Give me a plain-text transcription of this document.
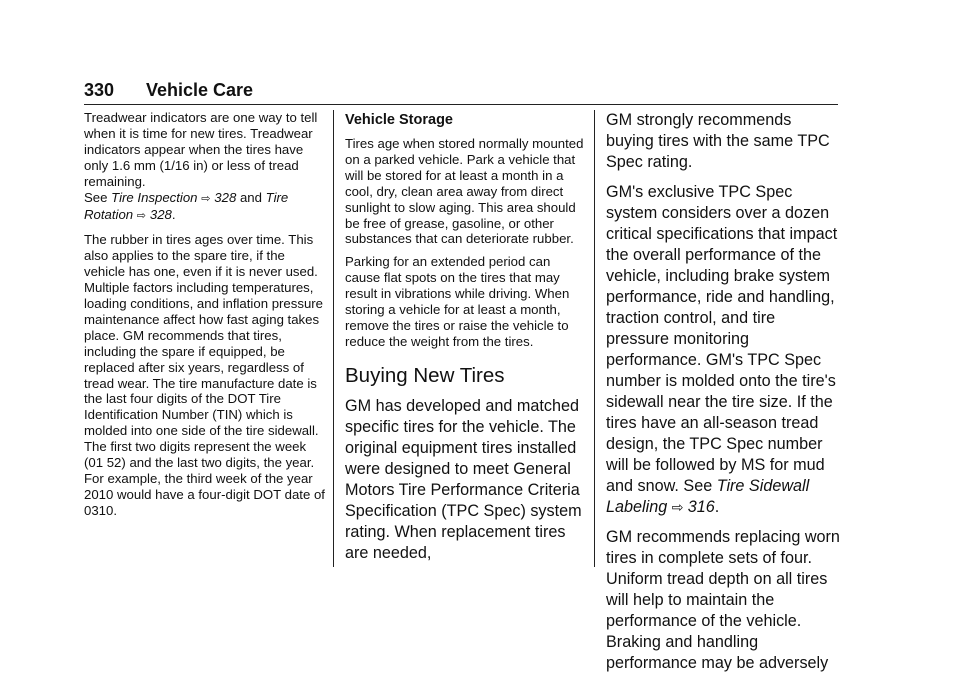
330 Vehicle Care

Treadwear indicators are one way to tell when it is time for new tires. Treadwear indicators appear when the tires have only 1.6 mm (1/16 in) or less of tread remaining.

See Tire Inspection ⇨ 328 and Tire Rotation ⇨ 328.

The rubber in tires ages over time. This also applies to the spare tire, if the vehicle has one, even if it is never used. Multiple factors including temperatures, loading conditions, and inflation pressure maintenance affect how fast aging takes place. GM recommends that tires, including the spare if equipped, be replaced after six years, regardless of tread wear. The tire manufacture date is the last four digits of the DOT Tire Identification Number (TIN) which is molded into one side of the tire sidewall. The first two digits represent the week (01 52) and the last two digits, the year. For example, the third week of the year 2010 would have a four-digit DOT date of 0310.

Vehicle Storage

Tires age when stored normally mounted on a parked vehicle. Park a vehicle that will be stored for at least a month in a cool, dry, clean area away from direct sunlight to slow aging. This area should be free of grease, gasoline, or other substances that can deteriorate rubber.

Parking for an extended period can cause flat spots on the tires that may result in vibrations while driving. When storing a vehicle for at least a month, remove the tires or raise the vehicle to reduce the weight from the tires.

Buying New Tires

GM has developed and matched specific tires for the vehicle. The original equipment tires installed were designed to meet General Motors Tire Performance Criteria Specification (TPC Spec) system rating. When replacement tires are needed,

GM strongly recommends buying tires with the same TPC Spec rating.

GM's exclusive TPC Spec system considers over a dozen critical specifications that impact the overall performance of the vehicle, including brake system performance, ride and handling, traction control, and tire pressure monitoring performance. GM's TPC Spec number is molded onto the tire's sidewall near the tire size. If the tires have an all-season tread design, the TPC Spec number will be followed by MS for mud and snow. See Tire Sidewall Labeling ⇨ 316.

GM recommends replacing worn tires in complete sets of four. Uniform tread depth on all tires will help to maintain the performance of the vehicle. Braking and handling performance may be adversely
